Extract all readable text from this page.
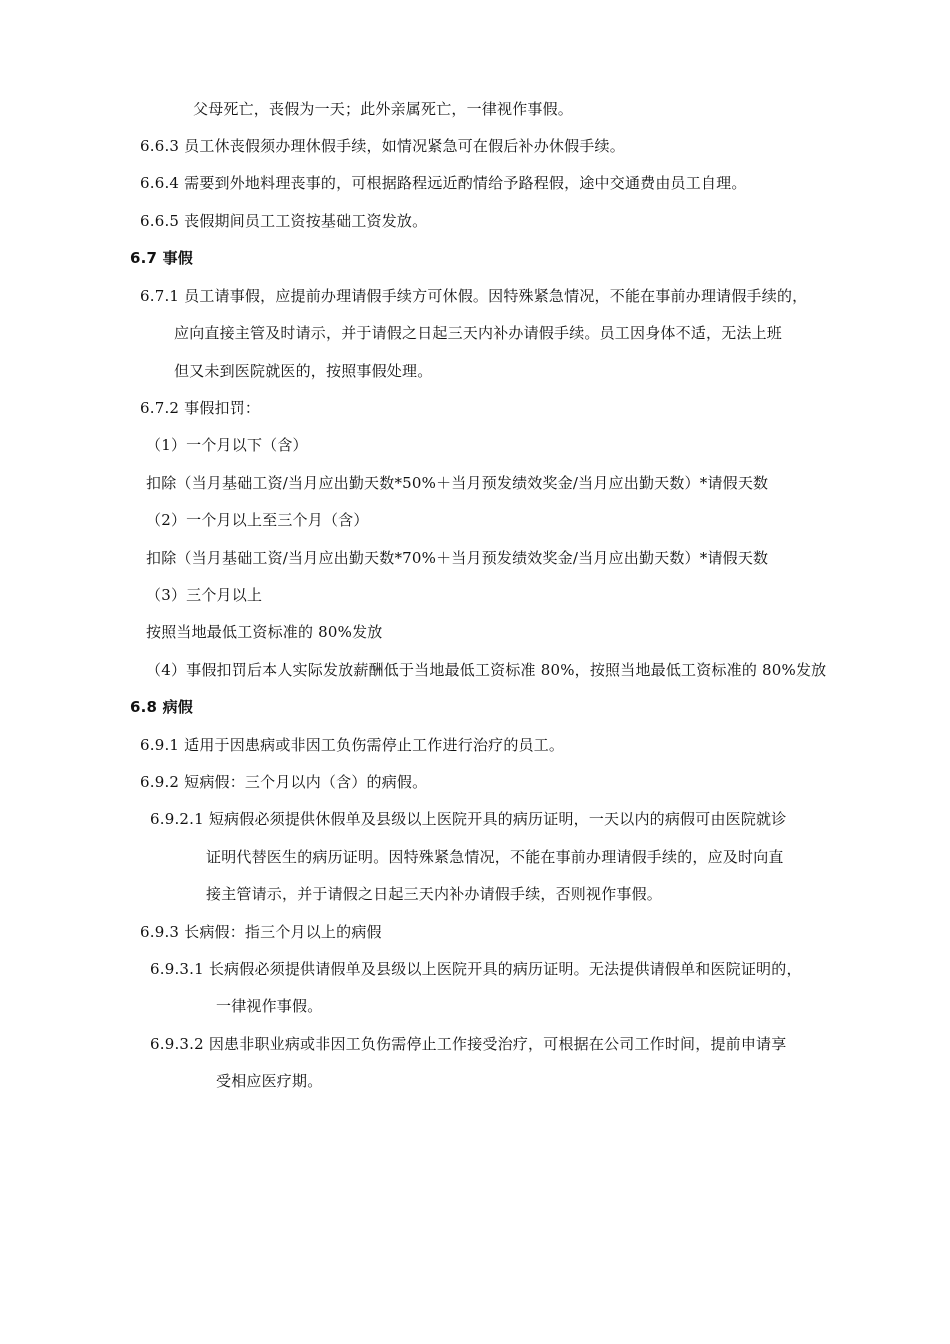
父母死亡，丧假为一天；此外亲属死亡，一律视作事假。
6.6.3 员工休丧假须办理休假手续，如情况紧急可在假后补办休假手续。
6.6.4 需要到外地料理丧事的，可根据路程远近酌情给予路程假，途中交通费由员工自理。
6.6.5 丧假期间员工工资按基础工资发放。
6.7 事假
6.7.1 员工请事假，应提前办理请假手续方可休假。因特殊紧急情况，不能在事前办理请假手续的，
应向直接主管及时请示，并于请假之日起三天内补办请假手续。员工因身体不适，无法上班
但又未到医院就医的，按照事假处理。
6.7.2 事假扣罚：
（1）一个月以下（含）
扣除（当月基础工资/当月应出勤天数*50%＋当月预发绩效奖金/当月应出勤天数）*请假天数
（2）一个月以上至三个月（含）
扣除（当月基础工资/当月应出勤天数*70%＋当月预发绩效奖金/当月应出勤天数）*请假天数
（3）三个月以上
按照当地最低工资标准的 80%发放
（4）事假扣罚后本人实际发放薪酬低于当地最低工资标准 80%，按照当地最低工资标准的 80%发放
6.8 病假
6.9.1 适用于因患病或非因工负伤需停止工作进行治疗的员工。
6.9.2 短病假：三个月以内（含）的病假。
6.9.2.1 短病假必须提供休假单及县级以上医院开具的病历证明，一天以内的病假可由医院就诊
证明代替医生的病历证明。因特殊紧急情况，不能在事前办理请假手续的，应及时向直
接主管请示，并于请假之日起三天内补办请假手续，否则视作事假。
6.9.3 长病假：指三个月以上的病假
6.9.3.1 长病假必须提供请假单及县级以上医院开具的病历证明。无法提供请假单和医院证明的，
一律视作事假。
6.9.3.2 因患非职业病或非因工负伤需停止工作接受治疗，可根据在公司工作时间，提前申请享
受相应医疗期。
